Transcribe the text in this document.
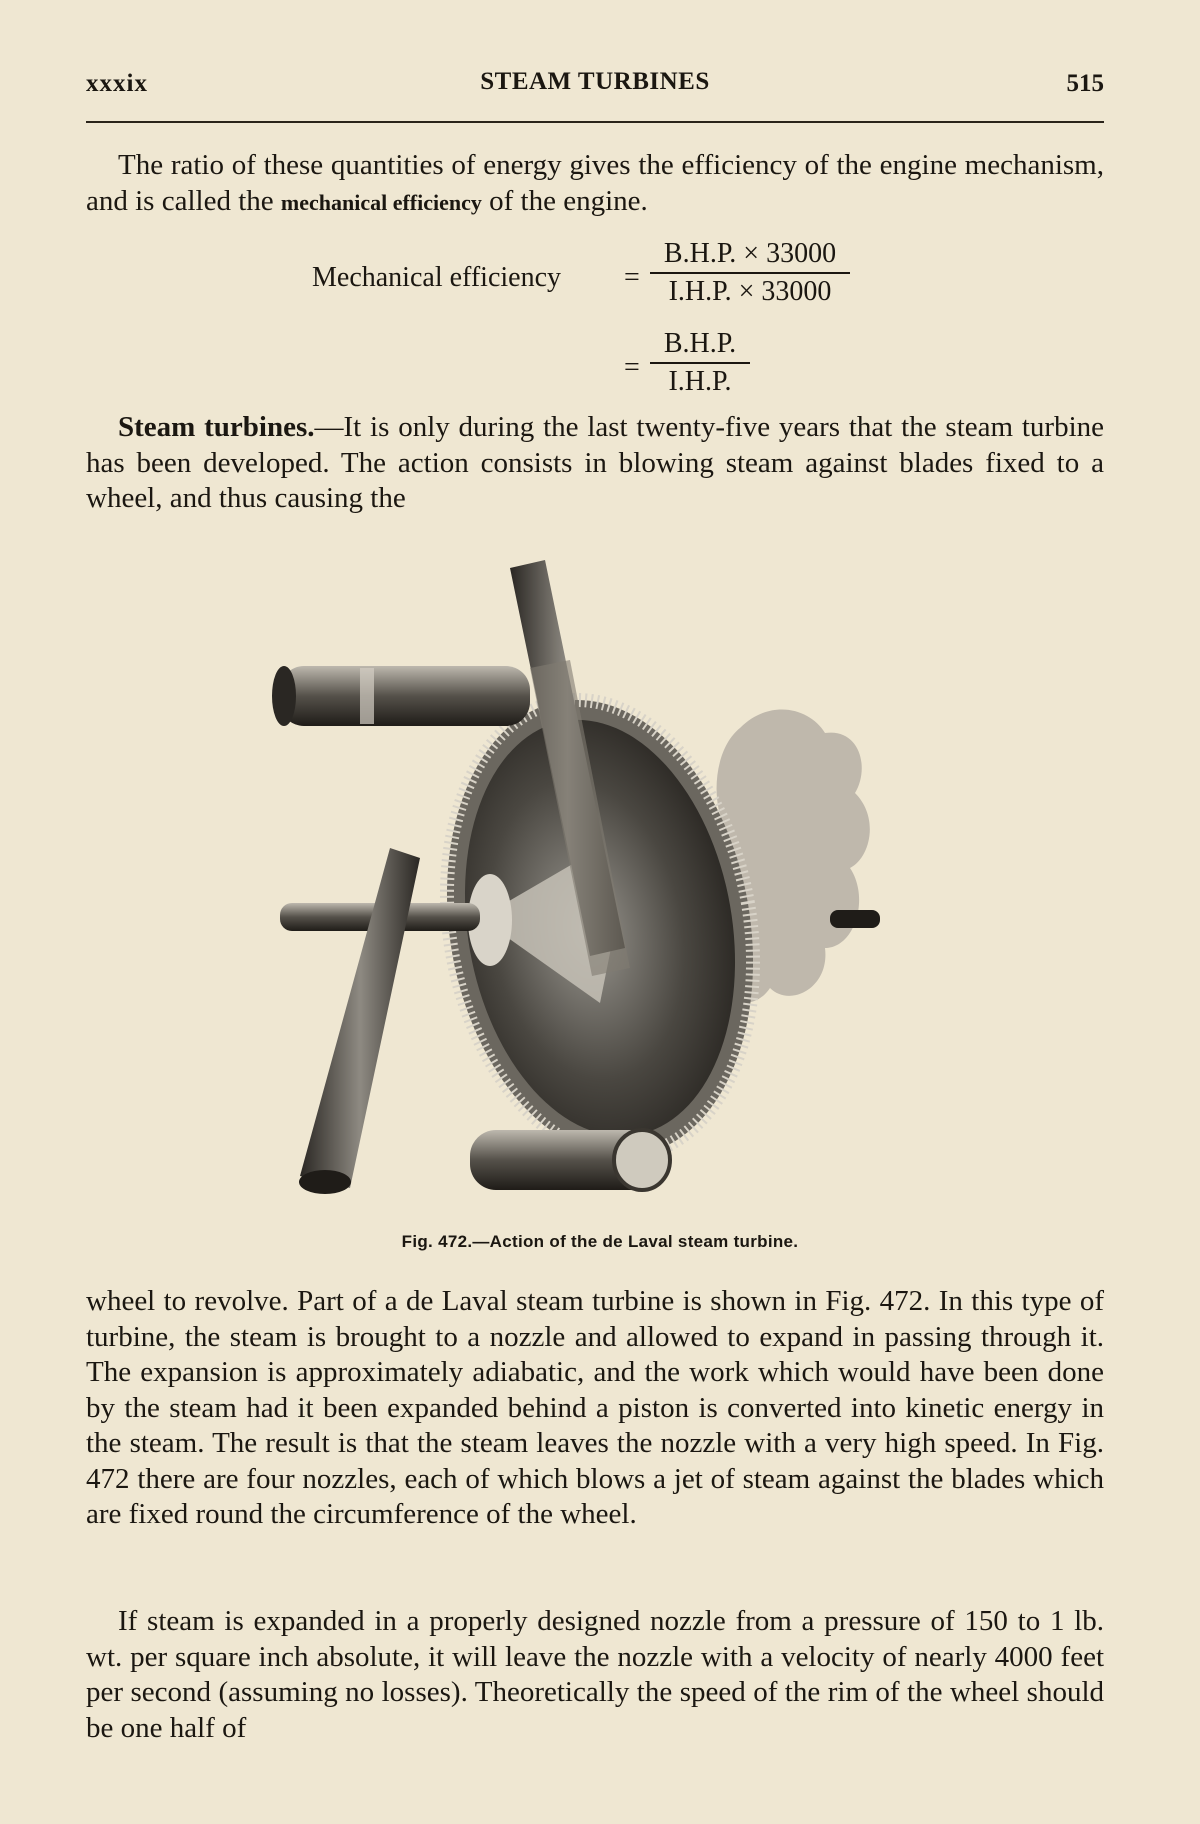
xxxix	STEAM TURBINES	515

The ratio of these quantities of energy gives the efficiency of the engine mechanism, and is called the mechanical efficiency of the engine.

Mechanical efficiency =
B.H.P. × 33000
I.H.P. × 33000
=
B.H.P.
I.H.P.

Steam turbines.—It is only during the last twenty-five years that the steam turbine has been developed. The action consists in blowing steam against blades fixed to a wheel, and thus causing the

Fig. 472.—Action of the de Laval steam turbine.

wheel to revolve. Part of a de Laval steam turbine is shown in Fig. 472. In this type of turbine, the steam is brought to a nozzle and allowed to expand in passing through it. The expansion is approximately adiabatic, and the work which would have been done by the steam had it been expanded behind a piston is converted into kinetic energy in the steam. The result is that the steam leaves the nozzle with a very high speed. In Fig. 472 there are four nozzles, each of which blows a jet of steam against the blades which are fixed round the circumference of the wheel.

If steam is expanded in a properly designed nozzle from a pressure of 150 to 1 lb. wt. per square inch absolute, it will leave the nozzle with a velocity of nearly 4000 feet per second (assuming no losses). Theoretically the speed of the rim of the wheel should be one half of
